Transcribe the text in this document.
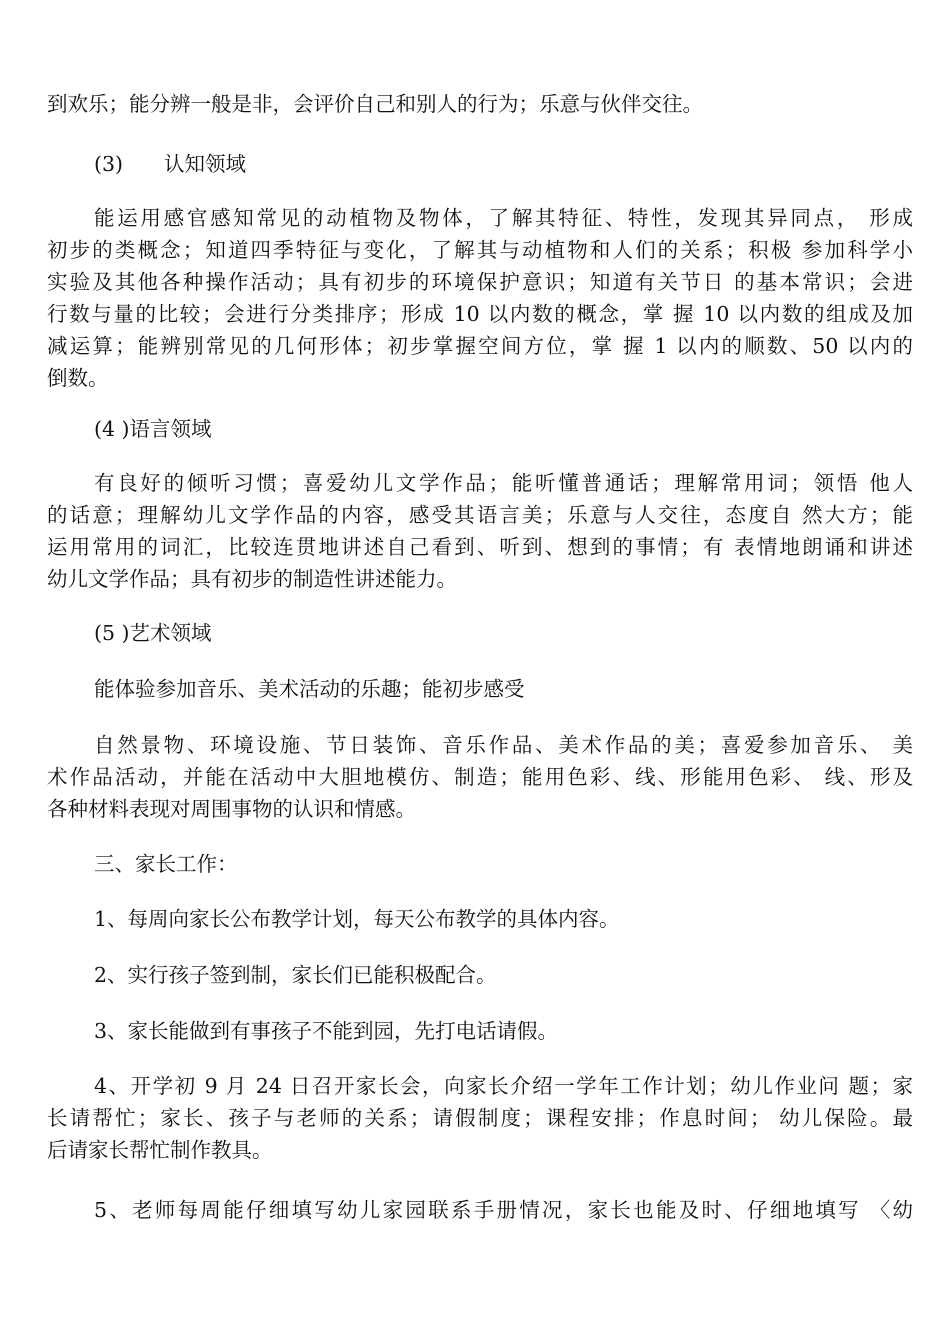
到欢乐；能分辨一般是非，会评价自己和别人的行为；乐意与伙伴交往。
(3) 认知领域
能运用感官感知常见的动植物及物体，了解其特征、特性，发现其异同点， 形成
初步的类概念；知道四季特征与变化，了解其与动植物和人们的关系；积极 参加科学小
实验及其他各种操作活动；具有初步的环境保护意识；知道有关节日 的基本常识；会进
行数与量的比较；会进行分类排序；形成 10 以内数的概念，掌 握 10 以内数的组成及加
减运算；能辨别常见的几何形体；初步掌握空间方位，掌 握 1 以内的顺数、50 以内的
倒数。
(4 )语言领域
有良好的倾听习惯；喜爱幼儿文学作品；能听懂普通话；理解常用词；领悟 他人
的话意；理解幼儿文学作品的内容，感受其语言美；乐意与人交往，态度自 然大方；能
运用常用的词汇，比较连贯地讲述自己看到、听到、想到的事情；有 表情地朗诵和讲述
幼儿文学作品；具有初步的制造性讲述能力。
(5 )艺术领域
能体验参加音乐、美术活动的乐趣；能初步感受
自然景物、环境设施、节日装饰、音乐作品、美术作品的美；喜爱参加音乐、 美
术作品活动，并能在活动中大胆地模仿、制造；能用色彩、线、形能用色彩、 线、形及
各种材料表现对周围事物的认识和情感。
三、家长工作：
1、每周向家长公布教学计划，每天公布教学的具体内容。
2、实行孩子签到制，家长们已能积极配合。
3、家长能做到有事孩子不能到园，先打电话请假。
4、开学初 9 月 24 日召开家长会，向家长介绍一学年工作计划；幼儿作业问 题；家
长请帮忙；家长、孩子与老师的关系；请假制度；课程安排；作息时间； 幼儿保险。最
后请家长帮忙制作教具。
5、老师每周能仔细填写幼儿家园联系手册情况，家长也能及时、仔细地填写 〈幼
